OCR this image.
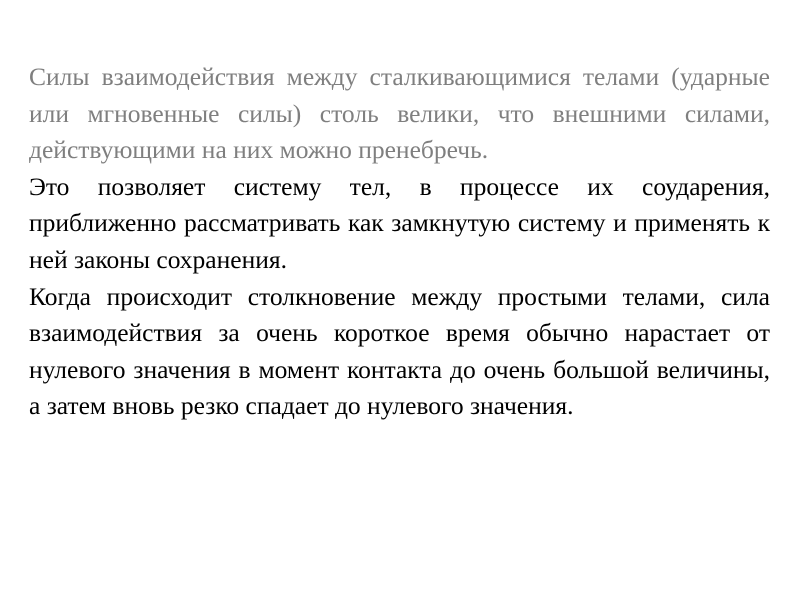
Силы взаимодействия между сталкивающимися телами (ударные или мгновенные силы) столь велики, что внешними силами, действующими на них можно пренебречь.

Это позволяет систему тел, в процессе их соударения, приближенно рассматривать как замкнутую систему и применять к ней законы сохранения.

Когда происходит столкновение между простыми телами, сила взаимодействия за очень короткое время обычно нарастает от нулевого значения в момент контакта до очень большой величины, а затем вновь резко спадает до нулевого значения.
